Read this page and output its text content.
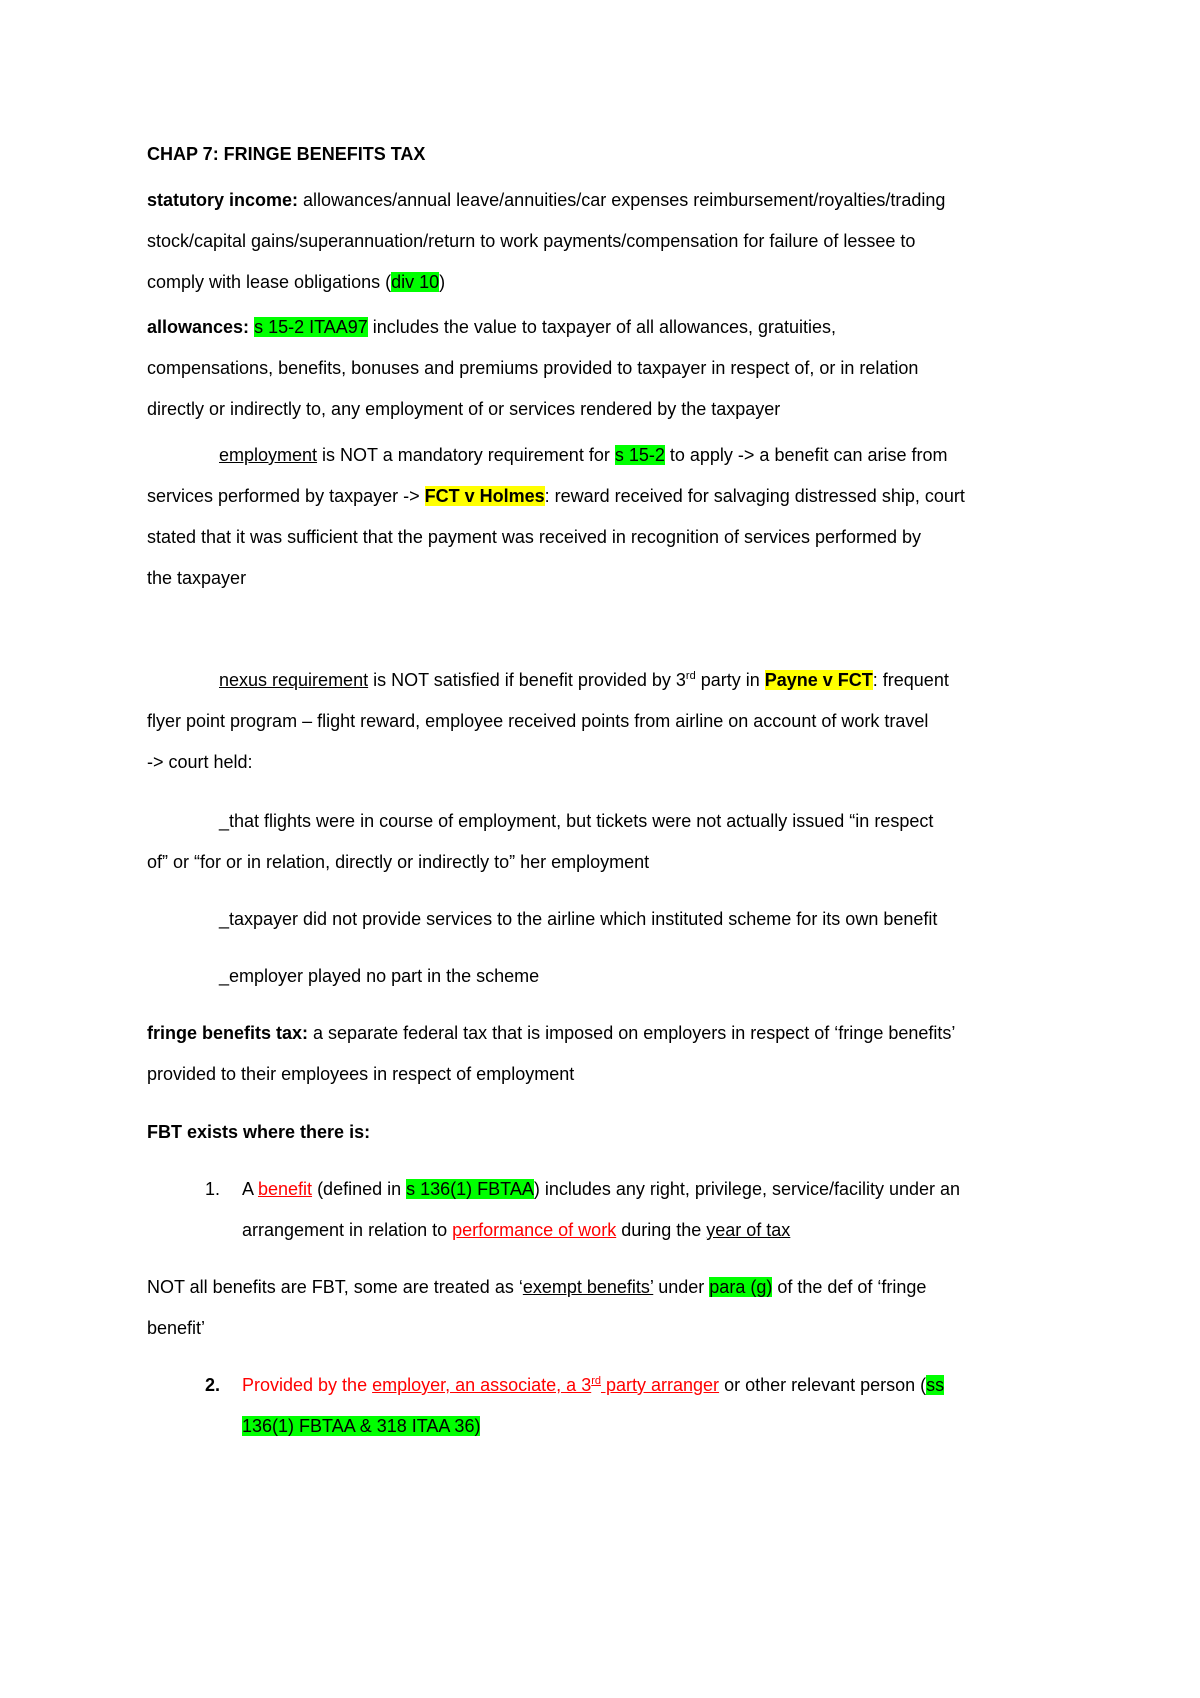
CHAP 7: FRINGE BENEFITS TAX
statutory income: allowances/annual leave/annuities/car expenses reimbursement/royalties/trading
stock/capital gains/superannuation/return to work payments/compensation for failure of lessee to
comply with lease obligations (div 10)
allowances: s 15-2 ITAA97 includes the value to taxpayer of all allowances, gratuities,
compensations, benefits, bonuses and premiums provided to taxpayer in respect of, or in relation
directly or indirectly to, any employment of or services rendered by the taxpayer
employment is NOT a mandatory requirement for s 15-2 to apply -> a benefit can arise from
services performed by taxpayer -> FCT v Holmes: reward received for salvaging distressed ship, court
stated that it was sufficient that the payment was received in recognition of services performed by
the taxpayer
nexus requirement is NOT satisfied if benefit provided by 3rd party in Payne v FCT: frequent
flyer point program – flight reward, employee received points from airline on account of work travel
-> court held:
_that flights were in course of employment, but tickets were not actually issued “in respect
of” or “for or in relation, directly or indirectly to” her employment
_taxpayer did not provide services to the airline which instituted scheme for its own benefit
_employer played no part in the scheme
fringe benefits tax: a separate federal tax that is imposed on employers in respect of ‘fringe benefits’
provided to their employees in respect of employment
FBT exists where there is:
1. A benefit (defined in s 136(1) FBTAA) includes any right, privilege, service/facility under an
arrangement in relation to performance of work during the year of tax
NOT all benefits are FBT, some are treated as ‘exempt benefits’ under para (g) of the def of ‘fringe
benefit’
2. Provided by the employer, an associate, a 3rd party arranger or other relevant person (ss
136(1) FBTAA & 318 ITAA 36)
